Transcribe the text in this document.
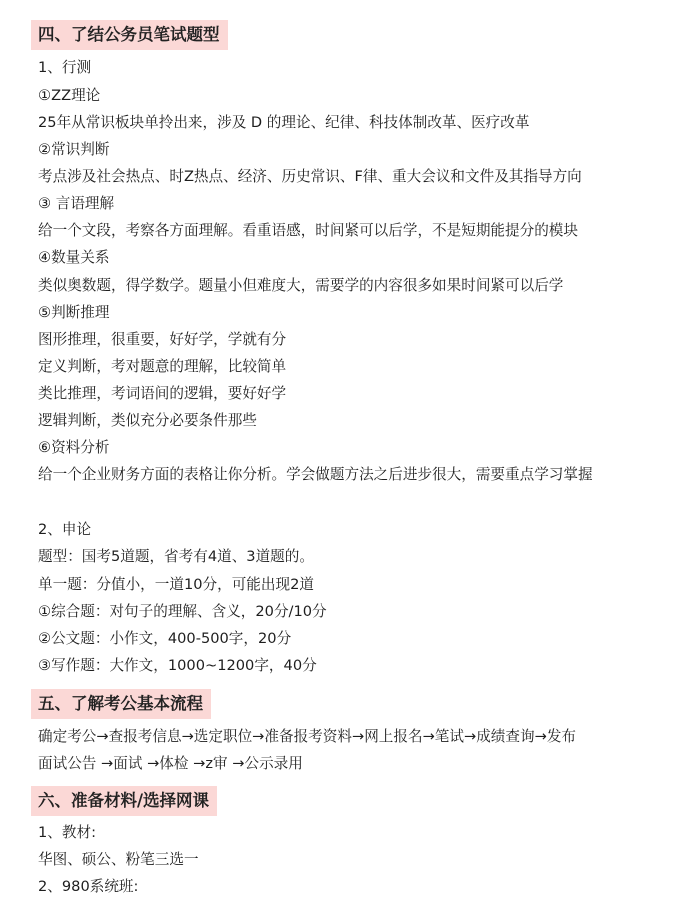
四、了结公务员笔试题型
1、行测
①ZZ理论
25年从常识板块单拎出来，涉及 D 的理论、纪律、科技体制改革、医疗改革
②常识判断
考点涉及社会热点、时Z热点、经济、历史常识、F律、重大会议和文件及其指导方向
③ 言语理解
给一个文段，考察各方面理解。看重语感，时间紧可以后学，不是短期能提分的模块
④数量关系
类似奥数题，得学数学。题量小但难度大，需要学的内容很多如果时间紧可以后学
⑤判断推理
图形推理，很重要，好好学，学就有分
定义判断，考对题意的理解，比较简单
类比推理，考词语间的逻辑，要好好学
逻辑判断，类似充分必要条件那些
⑥资料分析
给一个企业财务方面的表格让你分析。学会做题方法之后进步很大，需要重点学习掌握
2、申论
题型：国考5道题，省考有4道、3道题的。
单一题：分值小，一道10分，可能出现2道
①综合题：对句子的理解、含义，20分/10分
②公文题：小作文，400-500字，20分
③写作题：大作文，1000~1200字，40分
五、了解考公基本流程
确定考公→查报考信息→选定职位→准备报考资料→网上报名→笔试→成绩查询→发布
面试公告 →面试 →体检 →z审 →公示录用
六、准备材料/选择网课
1、教材:
华图、硕公、粉笔三选一
2、980系统班:
